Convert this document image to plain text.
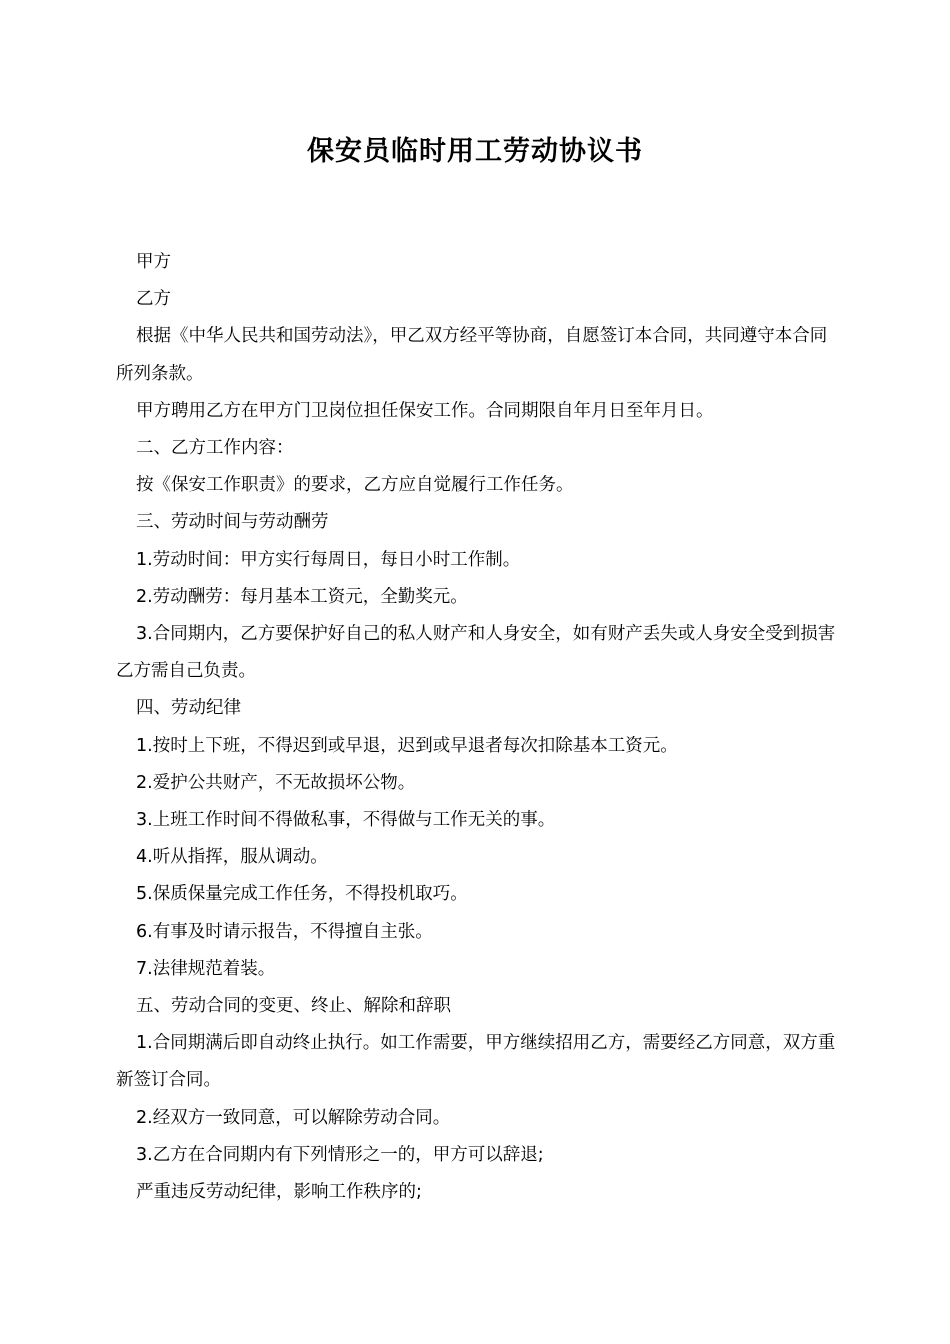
保安员临时用工劳动协议书

甲方

乙方

根据《中华人民共和国劳动法》，甲乙双方经平等协商，自愿签订本合同，共同遵守本合同所列条款。

甲方聘用乙方在甲方门卫岗位担任保安工作。合同期限自年月日至年月日。

二、乙方工作内容：

按《保安工作职责》的要求，乙方应自觉履行工作任务。

三、劳动时间与劳动酬劳

1.劳动时间：甲方实行每周日，每日小时工作制。

2.劳动酬劳：每月基本工资元，全勤奖元。

3.合同期内，乙方要保护好自己的私人财产和人身安全，如有财产丢失或人身安全受到损害乙方需自己负责。

四、劳动纪律

1.按时上下班，不得迟到或早退，迟到或早退者每次扣除基本工资元。

2.爱护公共财产，不无故损坏公物。

3.上班工作时间不得做私事，不得做与工作无关的事。

4.听从指挥，服从调动。

5.保质保量完成工作任务，不得投机取巧。

6.有事及时请示报告，不得擅自主张。

7.法律规范着装。

五、劳动合同的变更、终止、解除和辞职

1.合同期满后即自动终止执行。如工作需要，甲方继续招用乙方，需要经乙方同意，双方重新签订合同。

2.经双方一致同意，可以解除劳动合同。

3.乙方在合同期内有下列情形之一的，甲方可以辞退;

严重违反劳动纪律，影响工作秩序的;
